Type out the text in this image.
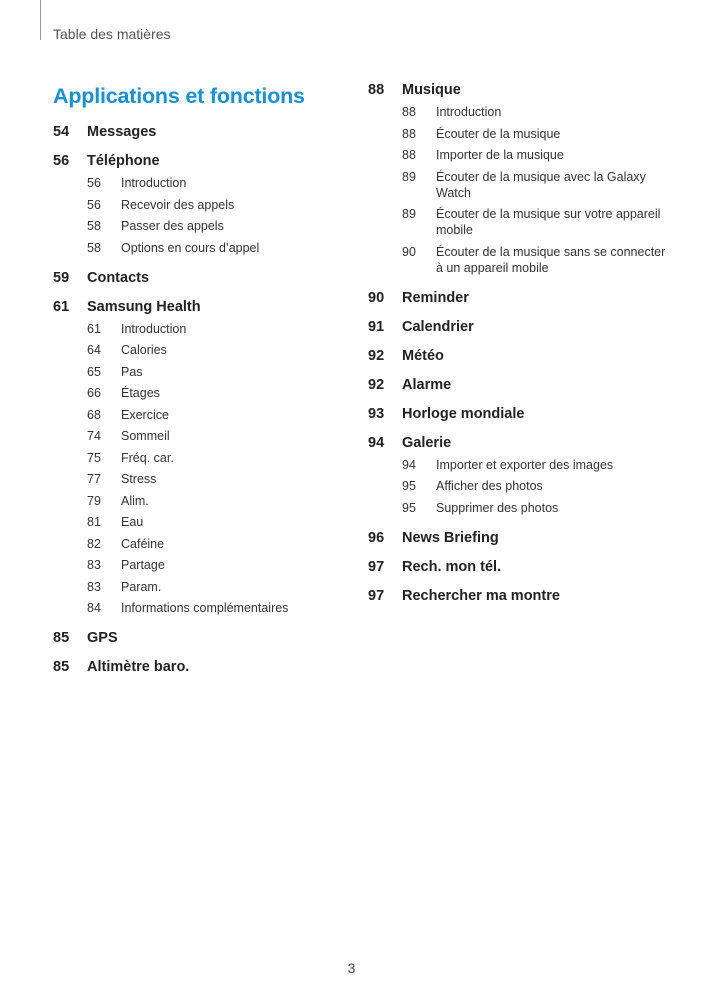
Table des matières
Applications et fonctions
54	Messages
56	Téléphone
56	Introduction
56	Recevoir des appels
58	Passer des appels
58	Options en cours d’appel
59	Contacts
61	Samsung Health
61	Introduction
64	Calories
65	Pas
66	Étages
68	Exercice
74	Sommeil
75	Fréq. car.
77	Stress
79	Alim.
81	Eau
82	Caféine
83	Partage
83	Param.
84	Informations complémentaires
85	GPS
85	Altimètre baro.
88	Musique
88	Introduction
88	Écouter de la musique
88	Importer de la musique
89	Écouter de la musique avec la Galaxy Watch
89	Écouter de la musique sur votre appareil mobile
90	Écouter de la musique sans se connecter à un appareil mobile
90	Reminder
91	Calendrier
92	Météo
92	Alarme
93	Horloge mondiale
94	Galerie
94	Importer et exporter des images
95	Afficher des photos
95	Supprimer des photos
96	News Briefing
97	Rech. mon tél.
97	Rechercher ma montre
3
